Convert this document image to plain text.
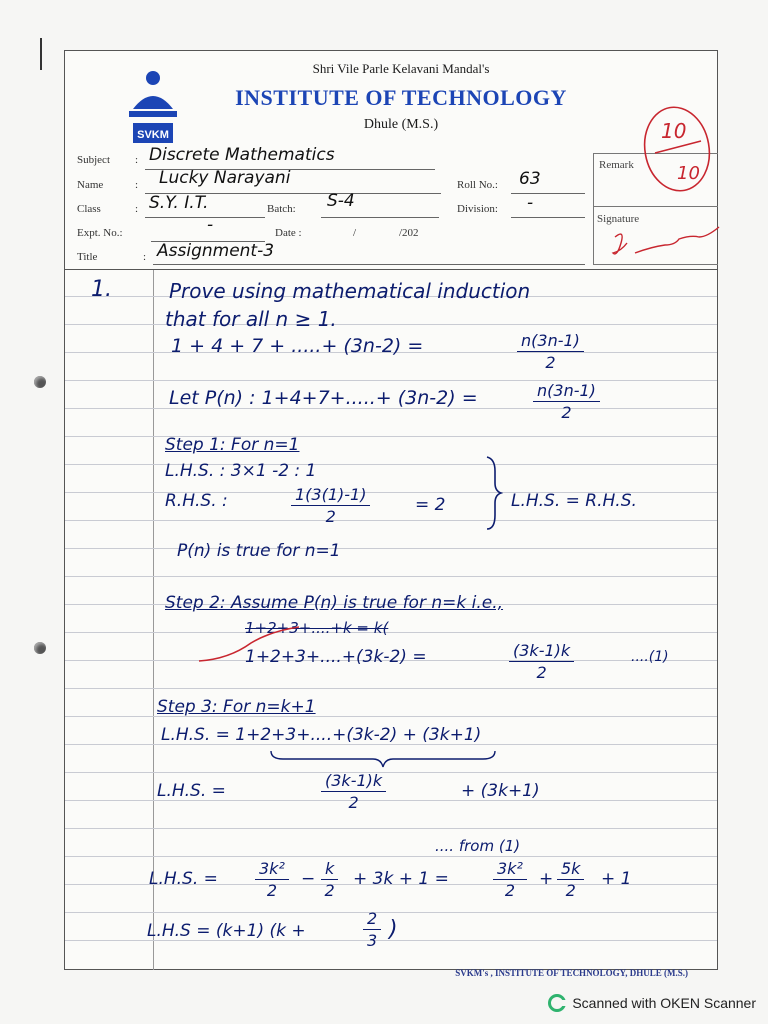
SVKM
Shri Vile Parle Kelavani Mandal's
INSTITUTE OF TECHNOLOGY
Dhule (M.S.)
Subject : Discrete Mathematics
Name	: Lucky Narayani
Class	: S.Y. I.T.	Batch: S-4
Expt. No.:	-	Date :	/	/202
Title	: Assignment-3
Roll No.: 63
Division: -
Remark
Signature
10
10
1.	Prove using mathematical induction
that for all n ≥ 1.
1 + 4 + 7 + .....+ (3n-2) =	$\frac{n(3n-1)}{2}$
Let P(n) : 1+4+7+.....+ (3n-2) =	$\frac{n(3n-1)}{2}$
Step 1: For n=1
L.H.S. : 3×1 -2 : 1
R.H.S. :	$\frac{1(3(1)-1)}{2}$	= 2	L.H.S. = R.H.S.
P(n) is true for n=1
Step 2: Assume P(n) is true for n=k i.e.,
1+2+3+....+k = k(
1+2+3+....+(3k-2) =	$\frac{(3k-1)k}{2}$	....(1)
Step 3: For n=k+1
L.H.S. = 1+2+3+....+(3k-2) + (3k+1)
L.H.S. =	$\frac{(3k-1)k}{2}$	+ (3k+1)
.... from (1)
L.H.S. = $\frac{\text{3k²}}{2} - \frac{k}{2} + 3k + 1$ =	$\frac{\text{3k²}}{2} + \frac{5k}{2} + 1$
L.H.S = (k+1) (k +	$\frac{2}{3}$ )
SVKM's , INSTITUTE OF TECHNOLOGY, DHULE (M.S.)
Scanned with OKEN Scanner
